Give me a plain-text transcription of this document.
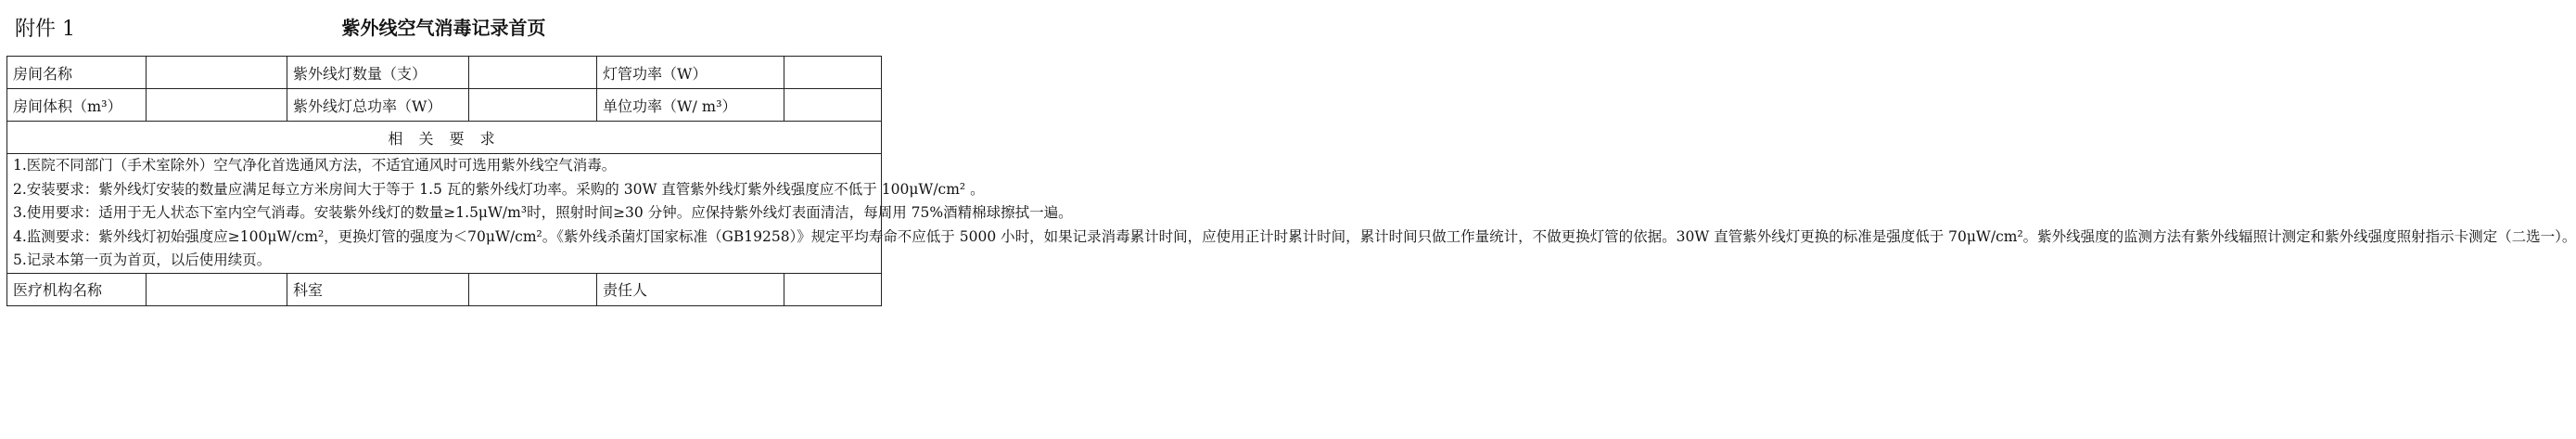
附件 1	紫外线空气消毒记录首页
房间名称		紫外线灯数量（支）		灯管功率（W）	
房间体积（m³）		紫外线灯总功率（W）		单位功率（W/ m³）	
相 关 要 求					

1.医院不同部门（手术室除外）空气净化首选通风方法，不适宜通风时可选用紫外线空气消毒。
2.安装要求：紫外线灯安装的数量应满足每立方米房间大于等于 1.5 瓦的紫外线灯功率。采购的 30W 直管紫外线灯紫外线强度应不低于 100μW/cm² 。
3.使用要求：适用于无人状态下室内空气消毒。安装紫外线灯的数量≥1.5μW/m³时，照射时间≥30 分钟。应保持紫外线灯表面清洁，每周用 75%酒精棉球擦拭一遍。
4.监测要求：紫外线灯初始强度应≥100μW/cm²，更换灯管的强度为＜70μW/cm²。《紫外线杀菌灯国家标准（GB19258）》规定平均寿命不应低于 5000 小时，如果记录消毒累计时间，应使用正计时累计时间，累计时间只做工作量统计，不做更换灯管的依据。30W 直管紫外线灯更换的标准是强度低于 70μW/cm²。紫外线强度的监测方法有紫外线辐照计测定和紫外线强度照射指示卡测定（二选一）。
5.记录本第一页为首页，以后使用续页。					

医疗机构名称		科室		责任人	
